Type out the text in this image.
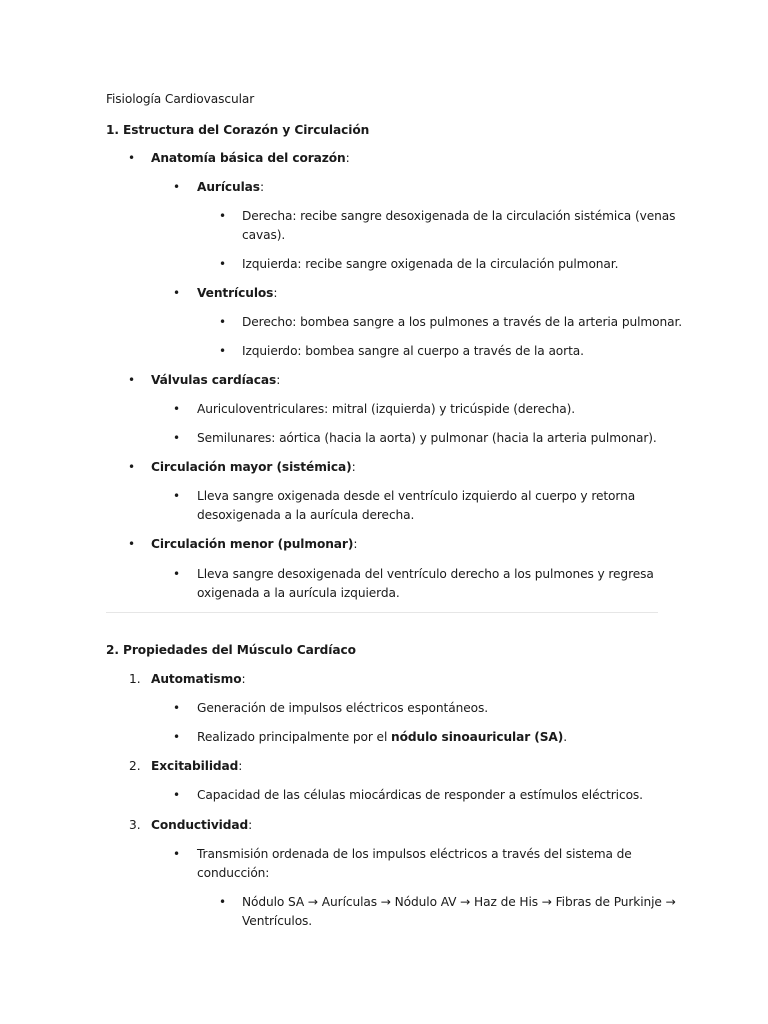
Fisiología Cardiovascular
1. Estructura del Corazón y Circulación
• Anatomía básica del corazón:
• Aurículas:
• Derecha: recibe sangre desoxigenada de la circulación sistémica (venas
cavas).
• Izquierda: recibe sangre oxigenada de la circulación pulmonar.
• Ventrículos:
• Derecho: bombea sangre a los pulmones a través de la arteria pulmonar.
• Izquierdo: bombea sangre al cuerpo a través de la aorta.
• Válvulas cardíacas:
• Auriculoventriculares: mitral (izquierda) y tricúspide (derecha).
• Semilunares: aórtica (hacia la aorta) y pulmonar (hacia la arteria pulmonar).
• Circulación mayor (sistémica):
• Lleva sangre oxigenada desde el ventrículo izquierdo al cuerpo y retorna
desoxigenada a la aurícula derecha.
• Circulación menor (pulmonar):
• Lleva sangre desoxigenada del ventrículo derecho a los pulmones y regresa
oxigenada a la aurícula izquierda.
2. Propiedades del Músculo Cardíaco
1. Automatismo:
• Generación de impulsos eléctricos espontáneos.
• Realizado principalmente por el nódulo sinoauricular (SA).
2. Excitabilidad:
• Capacidad de las células miocárdicas de responder a estímulos eléctricos.
3. Conductividad:
• Transmisión ordenada de los impulsos eléctricos a través del sistema de
conducción:
• Nódulo SA → Aurículas → Nódulo AV → Haz de His → Fibras de Purkinje →
Ventrículos.
